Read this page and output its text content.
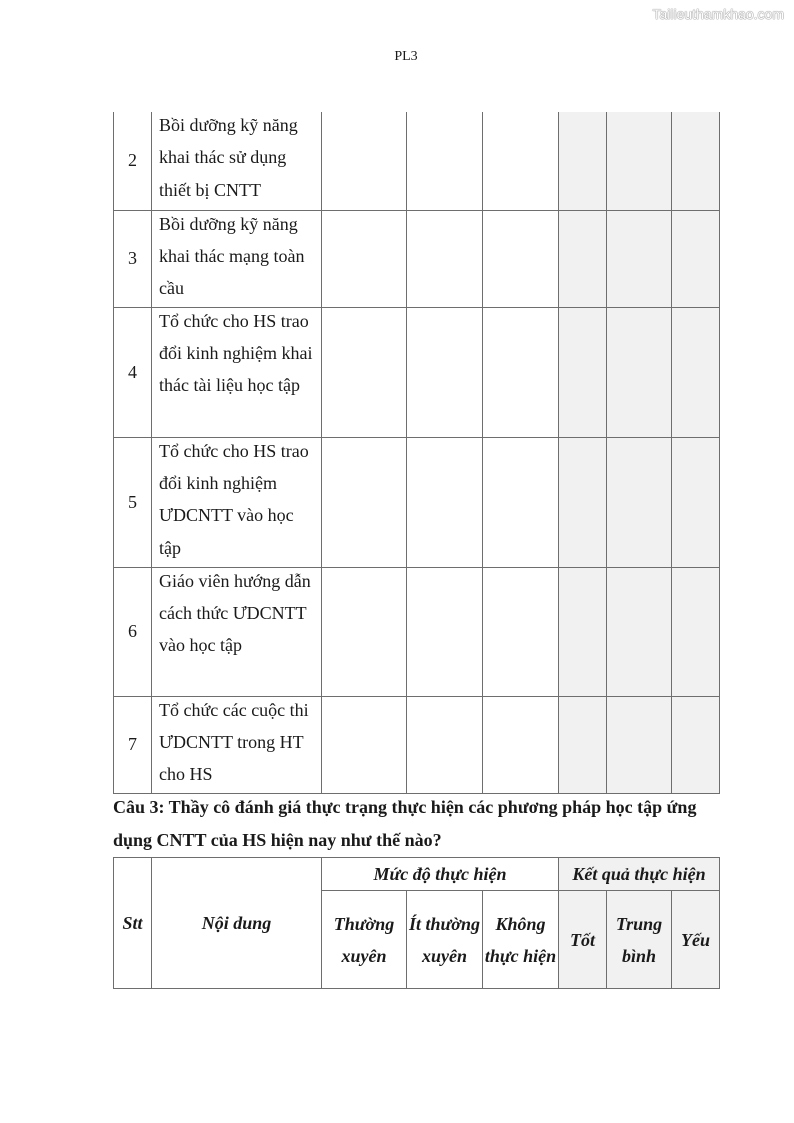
Tailieuthamkhao.com
PL3
2	Bồi dưỡng kỹ năng khai thác sử dụng thiết bị CNTT						

3	Bồi dưỡng kỹ năng khai thác mạng toàn cầu						

4	Tổ chức cho HS trao đổi kinh nghiệm khai thác tài liệu học tập						

5	Tổ chức cho HS trao đổi kinh nghiệm ƯDCNTT vào học tập						

6	Giáo viên hướng dẫn cách thức ƯDCNTT vào học tập						

7	Tổ chức các cuộc thi ƯDCNTT trong HT cho HS						

Câu 3: Thầy cô đánh giá thực trạng thực hiện các phương pháp học tập ứng dụng CNTT của HS hiện nay như thế nào?
Stt	Nội dung	Mức độ thực hiện			Kết quả thực hiện		
		Thường xuyên	Ít thường xuyên	Không thực hiện	Tốt	Trung bình	Yếu
